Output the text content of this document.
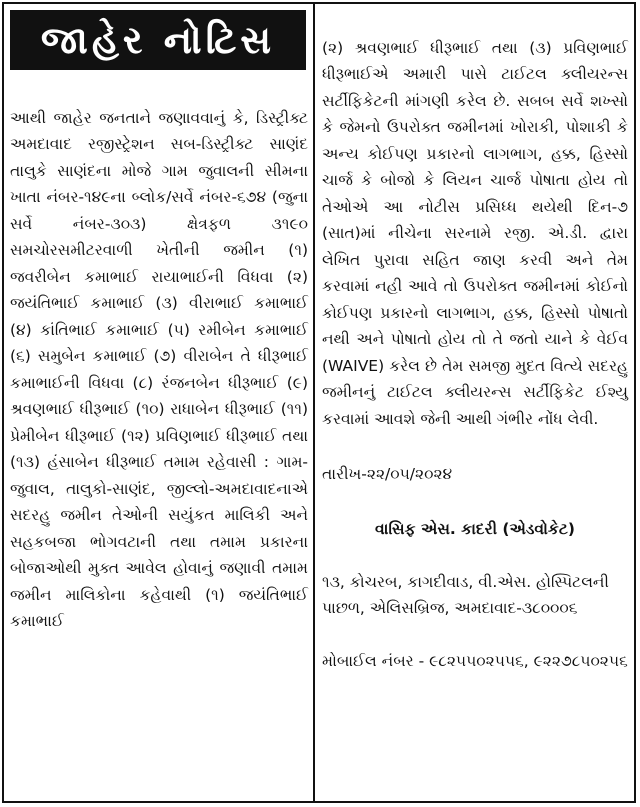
જાહેર નોટિસ

આથી જાહેર જનતાને જણાવવાનું કે, ડિસ્ટ્રીક્ટ અમદાવાદ રજીસ્ટ્રેશન સબ-ડિસ્ટ્રીક્ટ સાણંદ તાલુકે સાણંદના મોજે ગામ જુવાલની સીમના ખાતા નંબર-૧૪૯ના બ્લોક/સર્વે નંબર-૬૭૪ (જુના સર્વે નંબર-૩૦૩) ક્ષેત્રફળ ૩૧૯૦ સમચોરસમીટરવાળી ખેતીની જમીન (૧) જવરીબેન કમાભાઈ રાયાભાઈની વિધવા (૨) જયંતિભાઈ કમાભાઈ (૩) વીરાભાઈ કમાભાઈ (૪) કાંતિભાઈ કમાભાઈ (૫) રમીબેન કમાભાઈ (૬) સમુબેન કમાભાઈ (૭) વીરાબેન તે ધીરૂભાઈ કમાભાઈની વિધવા (૮) રંજનબેન ધીરૂભાઈ (૯) શ્રવણભાઈ ધીરૂભાઈ (૧૦) રાધાબેન ધીરૂભાઈ (૧૧) પ્રેમીબેન ધીરૂભાઈ (૧૨) પ્રવિણભાઈ ધીરૂભાઈ તથા (૧૩) હંસાબેન ધીરૂભાઈ તમામ રહેવાસી : ગામ-જુવાલ, તાલુકો-સાણંદ, જીલ્લો-અમદાવાદનાએ સદરહુ જમીન તેઓની સયુંકત માલિકી અને સહકબજા ભોગવટાની તથા તમામ પ્રકારના બોજાઓથી મુક્ત આવેલ હોવાનું જણાવી તમામ જમીન માલિકોના કહેવાથી (૧) જયંતિભાઈ કમાભાઈ

(૨) શ્રવણભાઈ ધીરૂભાઈ તથા (૩) પ્રવિણભાઈ ધીરૂભાઈએ અમારી પાસે ટાઈટલ ક્લીયરન્સ સર્ટીફિકેટની માંગણી કરેલ છે. સબબ સર્વે શખ્સો કે જેમનો ઉપરોક્ત જમીનમાં ખોરાકી, પોશાકી કે અન્ય કોઈપણ પ્રકારનો લાગભાગ, હક્ક, હિસ્સો ચાર્જ કે બોજો કે લિયન ચાર્જ પોષાતા હોય તો તેઓએ આ નોટીસ પ્રસિધ્ધ થયેથી દિન-૭ (સાત)માં નીચેના સરનામે રજી. એ.ડી. દ્વારા લેખિત પુરાવા સહિત જાણ કરવી અને તેમ કરવામાં નહી આવે તો ઉપરોક્ત જમીનમાં કોઈનો કોઈપણ પ્રકારનો લાગભાગ, હક્ક, હિસ્સો પોષાતો નથી અને પોષાતો હોય તો તે જતો યાને કે વેઈવ (WAIVE) કરેલ છે તેમ સમજી મુદત વિત્યે સદરહુ જમીનનું ટાઈટલ ક્લીયરન્સ સર્ટીફિકેટ ઈશ્યુ કરવામાં આવશે જેની આથી ગંભીર નોંધ લેવી.

તારીખ-૨૨/૦૫/૨૦૨૪

વાસિફ એસ. કાદરી (એડવોકેટ)

૧૩, કોચરબ, કાગદીવાડ, વી.એસ. હોસ્પિટલની પાછળ, એલિસબ્રિજ, અમદાવાદ-૩૮૦૦૦૬

મોબાઈલ નંબર - ૯૮૨૫૫૦૨૫૫૬, ૯૨૨૭૮૫૦૨૫૬
